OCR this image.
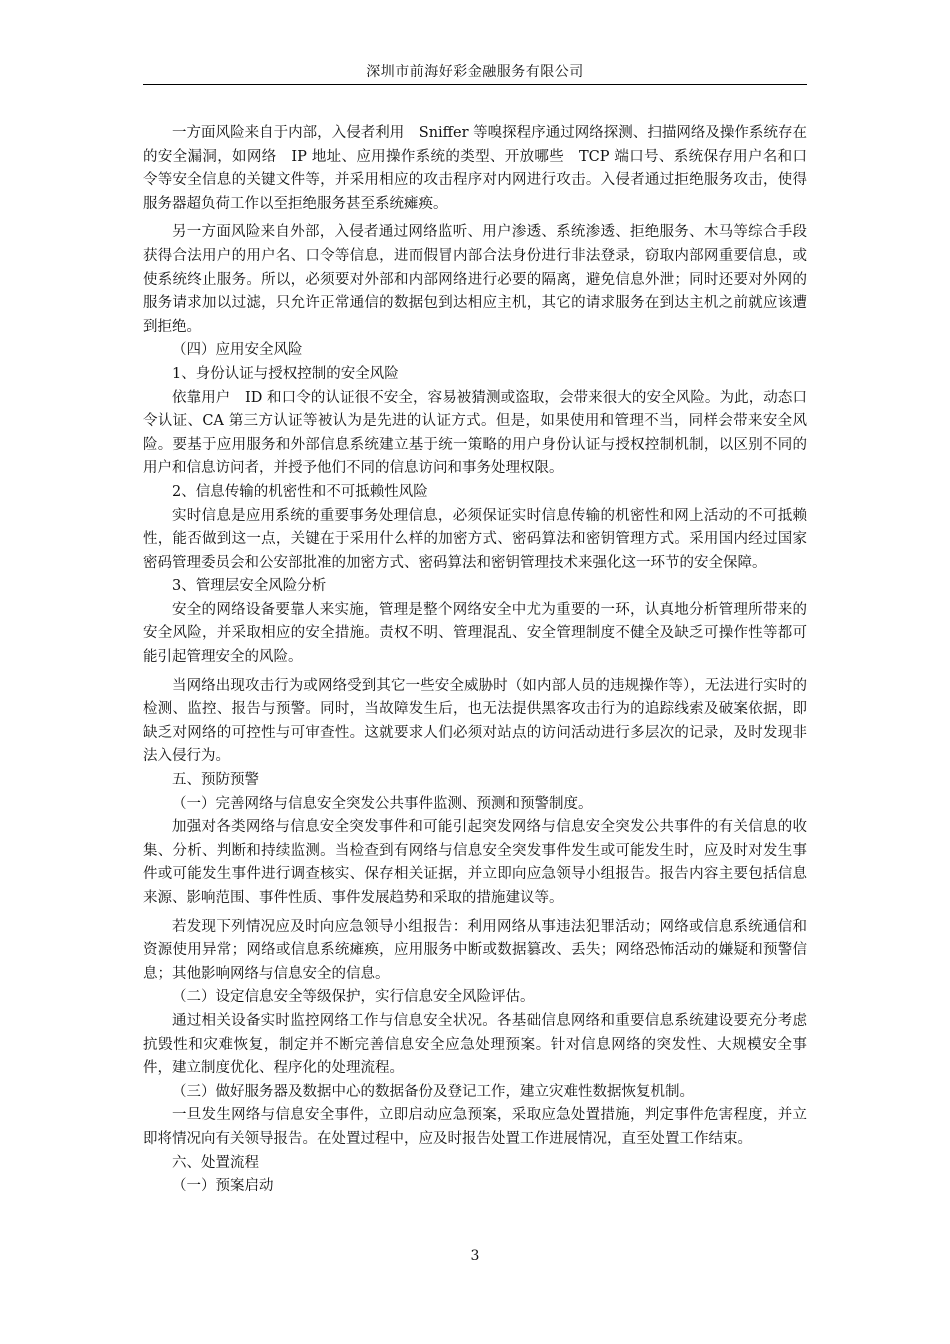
深圳市前海好彩金融服务有限公司

一方面风险来自于内部，入侵者利用　Sniffer 等嗅探程序通过网络探测、扫描网络及操作系统存在的安全漏洞，如网络　IP 地址、应用操作系统的类型、开放哪些　TCP 端口号、系统保存用户名和口令等安全信息的关键文件等，并采用相应的攻击程序对内网进行攻击。入侵者通过拒绝服务攻击，使得服务器超负荷工作以至拒绝服务甚至系统瘫痪。

另一方面风险来自外部，入侵者通过网络监听、用户渗透、系统渗透、拒绝服务、木马等综合手段获得合法用户的用户名、口令等信息，进而假冒内部合法身份进行非法登录，窃取内部网重要信息，或使系统终止服务。所以，必须要对外部和内部网络进行必要的隔离，避免信息外泄；同时还要对外网的服务请求加以过滤，只允许正常通信的数据包到达相应主机，其它的请求服务在到达主机之前就应该遭到拒绝。

（四）应用安全风险

1、身份认证与授权控制的安全风险

依靠用户　ID 和口令的认证很不安全，容易被猜测或盗取，会带来很大的安全风险。为此，动态口令认证、CA 第三方认证等被认为是先进的认证方式。但是，如果使用和管理不当，同样会带来安全风险。要基于应用服务和外部信息系统建立基于统一策略的用户身份认证与授权控制机制，以区别不同的用户和信息访问者，并授予他们不同的信息访问和事务处理权限。

2、信息传输的机密性和不可抵赖性风险

实时信息是应用系统的重要事务处理信息，必须保证实时信息传输的机密性和网上活动的不可抵赖性，能否做到这一点，关键在于采用什么样的加密方式、密码算法和密钥管理方式。采用国内经过国家密码管理委员会和公安部批准的加密方式、密码算法和密钥管理技术来强化这一环节的安全保障。

3、管理层安全风险分析

安全的网络设备要靠人来实施，管理是整个网络安全中尤为重要的一环，认真地分析管理所带来的安全风险，并采取相应的安全措施。责权不明、管理混乱、安全管理制度不健全及缺乏可操作性等都可能引起管理安全的风险。

当网络出现攻击行为或网络受到其它一些安全威胁时（如内部人员的违规操作等），无法进行实时的检测、监控、报告与预警。同时，当故障发生后，也无法提供黑客攻击行为的追踪线索及破案依据，即缺乏对网络的可控性与可审查性。这就要求人们必须对站点的访问活动进行多层次的记录，及时发现非法入侵行为。

五、预防预警

（一）完善网络与信息安全突发公共事件监测、预测和预警制度。

加强对各类网络与信息安全突发事件和可能引起突发网络与信息安全突发公共事件的有关信息的收集、分析、判断和持续监测。当检查到有网络与信息安全突发事件发生或可能发生时，应及时对发生事件或可能发生事件进行调查核实、保存相关证据，并立即向应急领导小组报告。报告内容主要包括信息来源、影响范围、事件性质、事件发展趋势和采取的措施建议等。

若发现下列情况应及时向应急领导小组报告：利用网络从事违法犯罪活动；网络或信息系统通信和资源使用异常；网络或信息系统瘫痪，应用服务中断或数据篡改、丢失；网络恐怖活动的嫌疑和预警信息；其他影响网络与信息安全的信息。

（二）设定信息安全等级保护，实行信息安全风险评估。

通过相关设备实时监控网络工作与信息安全状况。各基础信息网络和重要信息系统建设要充分考虑抗毁性和灾难恢复，制定并不断完善信息安全应急处理预案。针对信息网络的突发性、大规模安全事件，建立制度优化、程序化的处理流程。

（三）做好服务器及数据中心的数据备份及登记工作，建立灾难性数据恢复机制。

一旦发生网络与信息安全事件，立即启动应急预案，采取应急处置措施，判定事件危害程度，并立即将情况向有关领导报告。在处置过程中，应及时报告处置工作进展情况，直至处置工作结束。

六、处置流程

（一）预案启动

3
